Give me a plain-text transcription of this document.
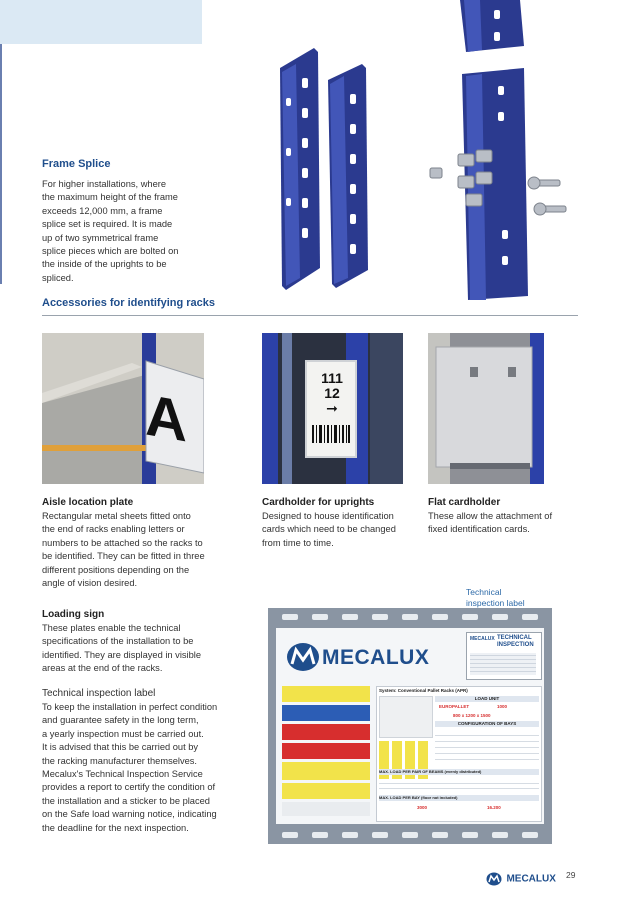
Frame Splice

For higher installations, where

the maximum height of the frame

exceeds 12,000 mm, a frame

splice set is required. It is made

up of two symmetrical frame

splice pieces which are bolted on

the inside of the uprights to be

spliced.

Accessories for identifying racks
A
111
12
➞
Aisle location plate

Rectangular metal sheets fitted onto

the end of racks enabling letters or

numbers to be attached so the racks to

be identified. They can be fitted in three

different positions depending on the

angle of vision desired.

Cardholder for uprights

Designed to house identification

cards which need to be changed

from time to time.

Flat cardholder

These allow the attachment of

fixed identification cards.

Technical
inspection label
Loading sign

These plates enable the technical

specifications of the installation to be

identified. They are displayed in visible

areas at the end of the racks.

Technical inspection label

To keep the installation in perfect condition

and guarantee safety in the long term,

a yearly inspection must be carried out.

It is advised that this be carried out by

the racking manufacturer themselves.

Mecalux's Technical Inspection Service

provides a report to certify the condition of

the installation and a sticker to be placed

on the Safe load warning notice, indicating

the deadline for the next inspection.

MECALUX
MECALUX TECHNICAL
INSPECTION
System: Conventional Pallet Racks (APR)
LOAD UNIT
EUROPALLET	1000
800 x 1200 x 1500
CONFIGURATION OF BAYS
MAX. LOAD PER PAIR OF BEAMS (evenly distributed)
MAX. LOAD PER BAY (floor not included)
3000	16.200
MECALUX 29
